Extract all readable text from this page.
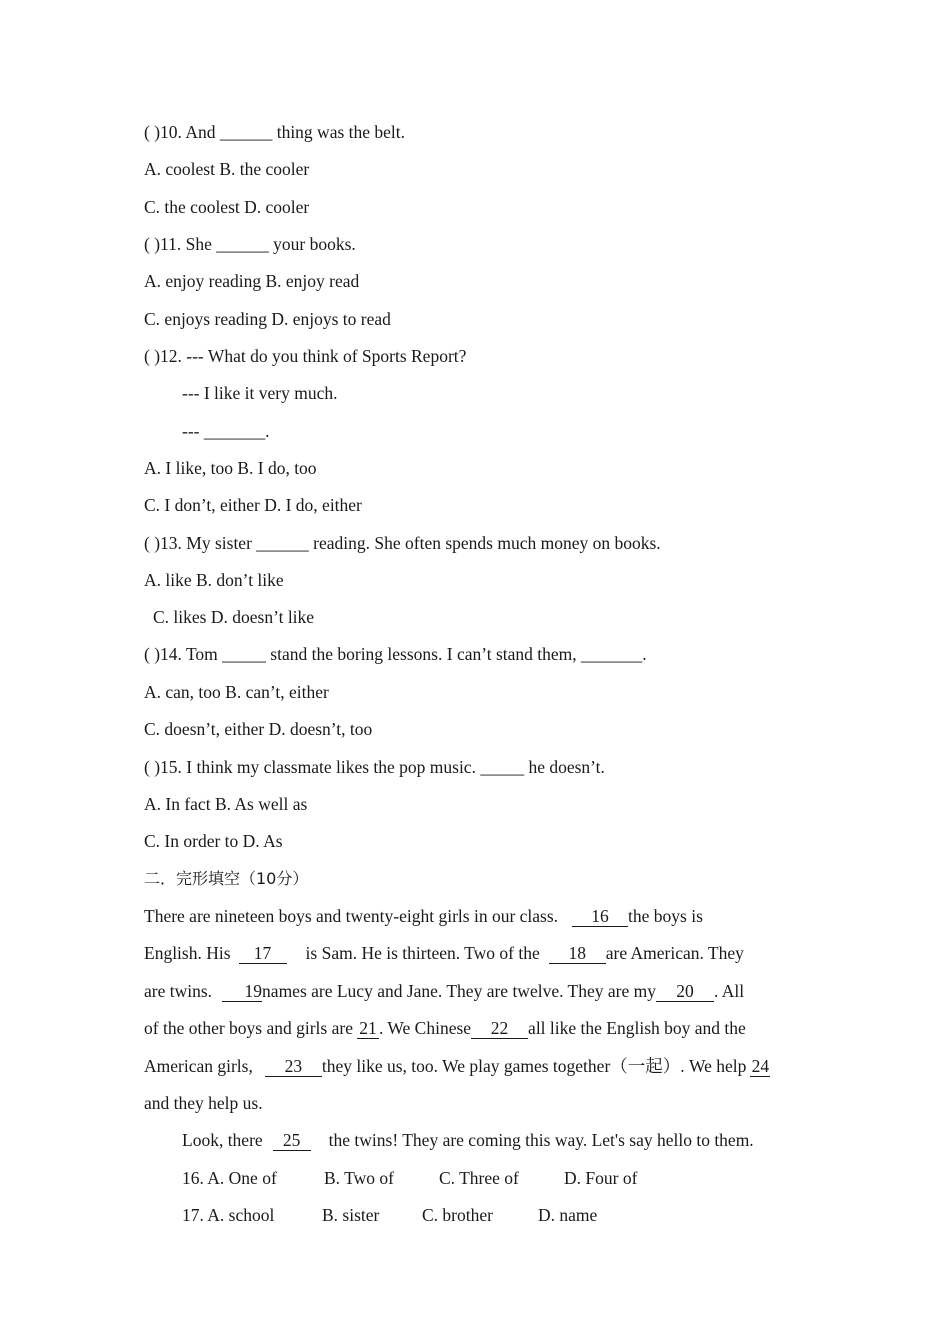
( )10. And ______ thing was the belt.
A. coolest B. the cooler
C. the coolest D. cooler
( )11. She ______ your books.
A. enjoy reading B. enjoy read
C. enjoys reading D. enjoys to read
( )12. --- What do you think of Sports Report?
--- I like it very much.
--- _______.
A. I like, too B. I do, too
C. I don’t, either D. I do, either
( )13. My sister ______ reading. She often spends much money on books.
A. like B. don’t like
C. likes D. doesn’t like
( )14. Tom _____ stand the boring lessons. I can’t stand them, _______.
A. can, too B. can’t, either
C. doesn’t, either D. doesn’t, too
( )15. I think my classmate likes the pop music. _____ he doesn’t.
A. In fact B. As well as
C. In order to D. As
二．完形填空（10分）
There are nineteen boys and twenty-eight girls in our class. 16 the boys is
English. His 17 is Sam. He is thirteen. Two of the 18 are American. They
are twins. 19names are Lucy and Jane. They are twelve. They are my 20 . All
of the other boys and girls are 21 . We Chinese 22 all like the English boy and the
American girls, 23 they like us, too. We play games together（一起）. We help 24
and they help us.
Look, there 25 the twins! They are coming this way. Let's say hello to them.
16. A. One of	B. Two of	C. Three of	D. Four of
17. A. school	B. sister C. brother	D. name
